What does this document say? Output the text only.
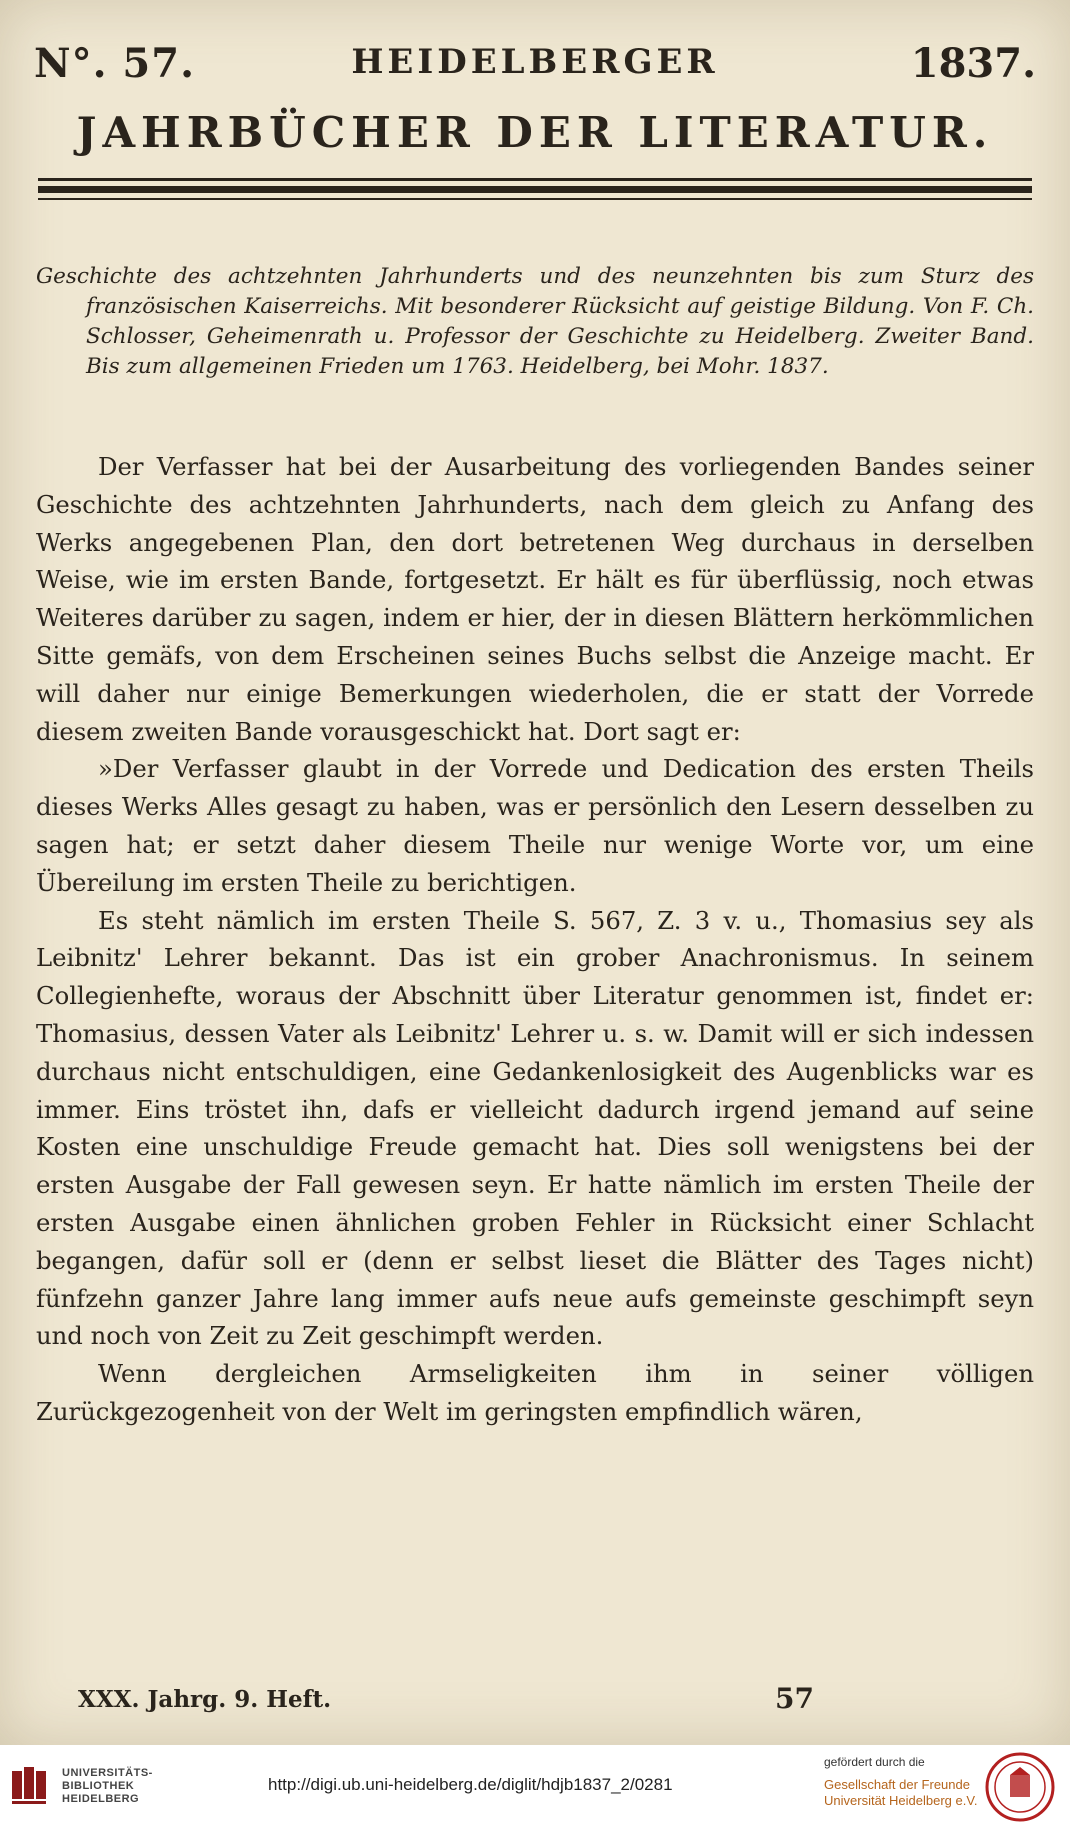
N°. 57.	HEIDELBERGER	1837.
JAHRBÜCHER DER LITERATUR.

Geschichte des achtzehnten Jahrhunderts und des neunzehnten bis zum Sturz des französischen Kaiserreichs. Mit besonderer Rücksicht auf geistige Bildung. Von F. Ch. Schlosser, Geheimenrath u. Professor der Geschichte zu Heidelberg. Zweiter Band. Bis zum allgemeinen Frieden um 1763. Heidelberg, bei Mohr. 1837.

Der Verfasser hat bei der Ausarbeitung des vorliegenden Bandes seiner Geschichte des achtzehnten Jahrhunderts, nach dem gleich zu Anfang des Werks angegebenen Plan, den dort betretenen Weg durchaus in derselben Weise, wie im ersten Bande, fortgesetzt. Er hält es für überflüssig, noch etwas Weiteres darüber zu sagen, indem er hier, der in diesen Blättern herkömmlichen Sitte gemäfs, von dem Erscheinen seines Buchs selbst die Anzeige macht. Er will daher nur einige Bemerkungen wiederholen, die er statt der Vorrede diesem zweiten Bande vorausgeschickt hat. Dort sagt er:

»Der Verfasser glaubt in der Vorrede und Dedication des ersten Theils dieses Werks Alles gesagt zu haben, was er persönlich den Lesern desselben zu sagen hat; er setzt daher diesem Theile nur wenige Worte vor, um eine Übereilung im ersten Theile zu berichtigen.

Es steht nämlich im ersten Theile S. 567, Z. 3 v. u., Thomasius sey als Leibnitz' Lehrer bekannt. Das ist ein grober Anachronismus. In seinem Collegienhefte, woraus der Abschnitt über Literatur genommen ist, findet er: Thomasius, dessen Vater als Leibnitz' Lehrer u. s. w. Damit will er sich indessen durchaus nicht entschuldigen, eine Gedankenlosigkeit des Augenblicks war es immer. Eins tröstet ihn, dafs er vielleicht dadurch irgend jemand auf seine Kosten eine unschuldige Freude gemacht hat. Dies soll wenigstens bei der ersten Ausgabe der Fall gewesen seyn. Er hatte nämlich im ersten Theile der ersten Ausgabe einen ähnlichen groben Fehler in Rücksicht einer Schlacht begangen, dafür soll er (denn er selbst lieset die Blätter des Tages nicht) fünfzehn ganzer Jahre lang immer aufs neue aufs gemeinste geschimpft seyn und noch von Zeit zu Zeit geschimpft werden.

Wenn dergleichen Armseligkeiten ihm in seiner völligen Zurückgezogenheit von der Welt im geringsten empfindlich wären,

XXX. Jahrg. 9. Heft.	57
UNIVERSITÄTS-
BIBLIOTHEK
HEIDELBERG
http://digi.ub.uni-heidelberg.de/diglit/hdjb1837_2/0281
gefördert durch die
Gesellschaft der Freunde
Universität Heidelberg e.V.
